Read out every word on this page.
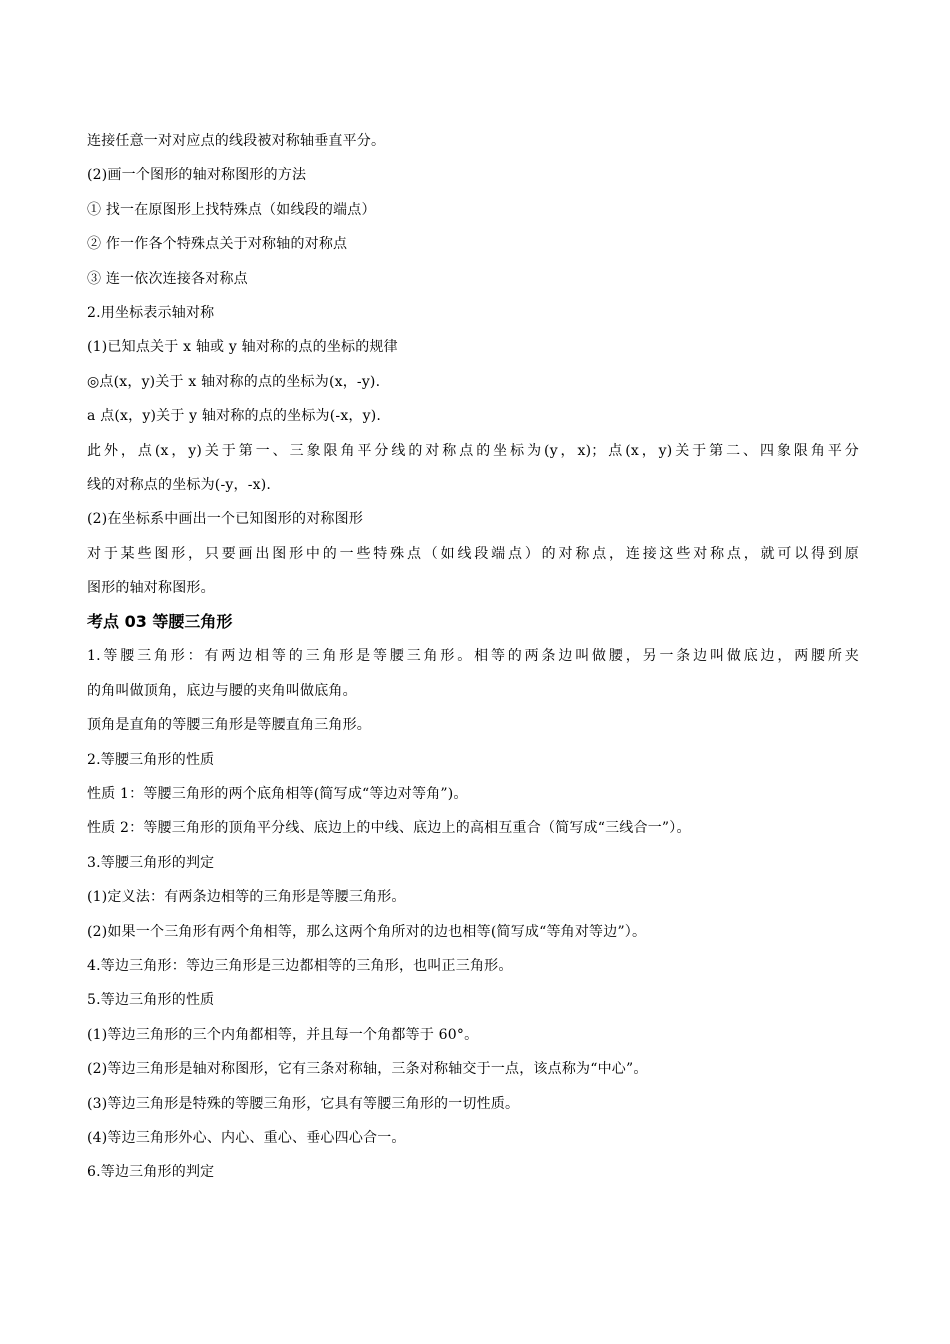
连接任意一对对应点的线段被对称轴垂直平分。
(2)画一个图形的轴对称图形的方法
① 找一在原图形上找特殊点（如线段的端点）
② 作一作各个特殊点关于对称轴的对称点
③ 连一依次连接各对称点
2.用坐标表示轴对称
(1)已知点关于 x 轴或 y 轴对称的点的坐标的规律
◎点(x，y)关于 x 轴对称的点的坐标为(x，-y).
a 点(x，y)关于 y 轴对称的点的坐标为(-x，y).
此外，点(x，y)关于第一、三象限角平分线的对称点的坐标为(y，x)；点(x，y)关于第二、四象限角平分
线的对称点的坐标为(-y，-x).
(2)在坐标系中画出一个已知图形的对称图形
对于某些图形，只要画出图形中的一些特殊点（如线段端点）的对称点，连接这些对称点，就可以得到原
图形的轴对称图形。
考点 03 等腰三角形
1.等腰三角形：有两边相等的三角形是等腰三角形。相等的两条边叫做腰，另一条边叫做底边，两腰所夹
的角叫做顶角，底边与腰的夹角叫做底角。
顶角是直角的等腰三角形是等腰直角三角形。
2.等腰三角形的性质
性质 1：等腰三角形的两个底角相等(简写成“等边对等角”)。
性质 2：等腰三角形的顶角平分线、底边上的中线、底边上的高相互重合（简写成“三线合一”）。
3.等腰三角形的判定
(1)定义法：有两条边相等的三角形是等腰三角形。
(2)如果一个三角形有两个角相等，那么这两个角所对的边也相等(简写成“等角对等边”）。
4.等边三角形：等边三角形是三边都相等的三角形，也叫正三角形。
5.等边三角形的性质
(1)等边三角形的三个内角都相等，并且每一个角都等于 60°。
(2)等边三角形是轴对称图形，它有三条对称轴，三条对称轴交于一点，该点称为“中心”。
(3)等边三角形是特殊的等腰三角形，它具有等腰三角形的一切性质。
(4)等边三角形外心、内心、重心、垂心四心合一。
6.等边三角形的判定
